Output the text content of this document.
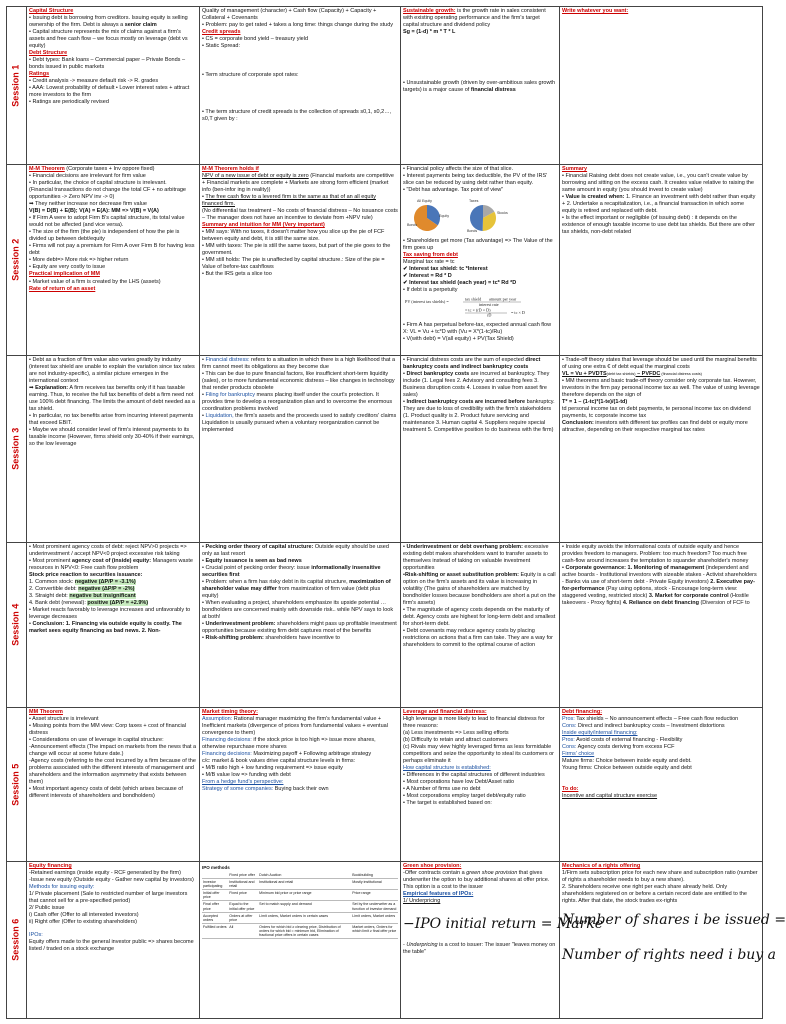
Session 1
Session 2
Session 3
Session 4
Session 5
Session 6
Capital Structure
• Issuing debt is borrowing from creditors. Issuing equity is selling ownership of the firm. Debt is always a senior claim
• Capital structure represents the mix of claims against a firm's assets and free cash flow – we focus mostly on leverage (debt vs equity)
Debt Structure
• Debt types: Bank loans – Commercial paper – Private Bonds – bonds issued in public markets
Ratings
• Credit analysis -> measure default risk -> R. grades
• AAA: Lowest probability of default • Lower interest rates + attract more investors to the firm
• Ratings are periodically revised
Quality of management (character) + Cash flow (Capacity) + Capacity + Collateral + Covenants
• Problem: pay to get rated + takes a long time: things change during the study
Credit spreads
• CS = corporate bond yield – treasury yield
• Static Spread:
• Term structure of corporate spot rates:
• The term structure of credit spreads is the collection of spreads s0,1, s0,2…, s0,T given by :
Sustainable growth: is the growth rate in sales consistent with existing operating performance and the firm's target capital structure and dividend policy
Sg = (1-d) * m * T * L
• Unsustainable growth (driven by over-ambitious sales growth targets) is a major cause of financial distress
Write whatever you want:
M-M Theorem (Corporate taxes + Inv oppore fixed)
• Financial decisions are irrelevant for firm value
• In particular, the choice of capital structure is irrelevant.
(Financial transactions do not change the total CF + no arbitrage opportunities -> Zero NPV inv -> 0)
➡ They neither increase nor decrease firm value
V(B) = D(B) + E(B); V(A) = E(A): MM => V(B) = V(A)
• If Firm A were to adopt Firm B's capital structure, its total value would not be affected (and vice versa).
• The size of the firm (the pie) is independent of how the pie is divided up between debt/equity
• Firms will not pay a premium for Firm A over Firm B for having less debt
• More debt=> More risk => higher return
• Equity are very costly to issue
Practical implication of MM
• Market value of a firm is created by the LHS (assets)
Rate of return of an asset
M-M Theorem holds if
NPV of a new issue of debt or equity is zero (Financial markets are competitive + Financial markets are complete + Markets are strong form efficient (market info (ben-infor ing in reality))
• The free cash flow to a levered firm is the same as that of an all equity financed firm.
(No differential tax treatment – No costs of financial distress – No issuance costs – The manager does not have an incentive to deviate from +NPV rule)
Summary and intuition for MM (Very important)
• MM says: With no taxes, it doesn't matter how you slice up the pie of FCF between equity and debt, it is still the same size.
• MM with taxes: The pie is still the same taxes, but part of the pie goes to the government.
• MM still holds: The pie is unaffected by capital structure.: Size of the pie = Value of before-tax cashflows
• But the IRS gets a slice too
• Financial policy affects the size of that slice.
• Interest payments being tax deductible, the PV of the IRS' slice can be reduced by using debt rather than equity.
• "Debt has advantage. Tax point of view"
All Equity
Equity
Bonds
Taxes
Stocks
Bonds
• Shareholders get more (Tax advantage) => The Value of the firm goes up
Tax saving from debt
Marginal tax rate = tc
✔ Interest tax shield: tc *Interest
✔ Interest = Rd * D
✔ Interest tax shield (each year) = tc* Rd *D
• If debt is a perpetuity
PV (interest tax shields) =	tax shield amount per year
interest rate
= tc × (rD × D)
rD	= tc × D
• Firm A has perpetual before-tax, expected annual cash flow X: VL = Vu + tc*D with (Vu = X*(1-tc)/Ru)
• V(with debt) = V(all equity) + PV(Tax Shield)
Summary
• Financial Raising debt does not create value, i.e., you can't create value by borrowing and sitting on the excess cash. It creates value relative to raising the same amount in equity (you should invest to create value)
• Value is created when: 1. Finance an investment with debt rather than equity + 2. Undertake a recapitalization, i.e., a financial transaction in which some equity is retired and replaced with debt.
• Is the effect important or negligible (of issuing debt) : it depends on the existence of enough taxable income to use debt tax shields. But there are other tax shields, non-debt related
• Debt as a fraction of firm value also varies greatly by industry (interest tax shield are unable to explain the variation since tax rates are not industry-specific), a similar picture emerges in the international context
➡ Explanation: A firm receives tax benefits only if it has taxable earning. Thus, to receive the full tax benefits of debt a firm need not use 100% debt financing. The limits the amount of debt needed as a tax shield.
• In particular, no tax benefits arise from incurring interest payments that exceed EBIT.
• Maybe we should consider level of firm's interest payments to its taxable income (However, firms shield only 30-40% if their earnings, so the low leverage
• Financial distress: refers to a situation in which there is a high likelihood that a firm cannot meet its obligations as they become due
• This can be due to pure financial factors, like insufficient short-term liquidity (sales), or to more fundamental economic distress – like changes in technology that render products obsolete
• Filing for bankruptcy means placing itself under the court's protection. It provides time to develop a reorganization plan and to overcome the enormous coordination problems involved
• Liquidation, the firm's assets and the proceeds used to satisfy creditors' claims Liquidation is usually pursued when a voluntary reorganization cannot be implemented
• Financial distress costs are the sum of expected direct bankruptcy costs and indirect bankruptcy costs
• Direct bankruptcy costs are incurred at bankruptcy. They include (1. Legal fees 2. Advisory and consulting fees 3. Business disruption costs 4. Losses in value from asset fire sales)
• Indirect bankruptcy costs are incurred before bankruptcy. They are due to loss of credibility with the firm's stakeholders (1. Product quality is 2. Product future servicing and maintenance 3. Human capital 4. Suppliers require special treatment 5. Competitive position to do business with the firm)
• Trade-off theory states that leverage should be used until the marginal benefits of using one extra € of debt equal the marginal costs
VL = Vu + PVDTS(debt tax shields) – PVFDC (financial distress costs)
• MM theorems and basic trade-off theory consider only corporate tax. However, investors in the firm pay personal income tax as well. The value of using leverage therefore depends on the sign of
T* = 1 – (1-tc)*(1-te)/(1-td)
td personal income tax on debt payments, te personal income tax on dividend payments, tc corporate income tax
Conclusion: investors with different tax profiles can find debt or equity more attractive, depending on their respective marginal tax rates
• Most prominent agency costs of debt: reject NPV>0 projects => underinvestment / accept NPV<0 project excessive risk taking
• Most prominent agency cost of (inside) equity: Managers waste resources in NPV<0: Free cash flow problem
Stock price reaction to securities issuance:
1. Common stock: negative (ΔP/P = -3.1%)
2. Convertible debt: negative (ΔP/P = -2%)
3. Straight debt: negative but insignificant
4. Bank debt (renewal): positive (ΔP/P = +2.9%)
• Market reacts favorably to leverage increases and unfavorably to leverage decreases
• Conclusion: 1. Financing via outside equity is costly. The market sees equity financing as bad news. 2. Non-
• Pecking order theory of capital structure: Outside equity should be used only as last resort
• Equity issuance is seen as bad news
• Crucial point of pecking order theory: issue informationally insensitive securities first
• Problem: when a firm has risky debt in its capital structure, maximization of shareholder value may differ from maximization of firm value (debt plus equity)
• When evaluating a project, shareholders emphasize its upside potential … bondholders are concerned mainly with downside risk.. while NPV says to look at both!
• Underinvestment problem: shareholders might pass up profitable investment opportunities because existing firm debt captures most of the benefits
• Risk-shifting problem: shareholders have incentive to
• Underinvestment or debt overhang problem: excessive existing debt makes shareholders want to transfer assets to themselves instead of taking on valuable investment opportunities
•Risk-shifting or asset substitution problem: Equity is a call option on the firm's assets and its value is increasing in volatility (The gains of shareholders are matched by bondholder losses because bondholders are short a put on the firm's assets)
• The magnitude of agency costs depends on the maturity of debt. Agency costs are highest for long-term debt and smallest for short-term debt.
• Debt covenants may reduce agency costs by placing restrictions on actions that a firm can take. They are a way for shareholders to commit to the optimal course of action
• Inside equity avoids the informational costs of outside equity and hence provides freedom to managers. Problem: too much freedom? Too much free cash-flow around increases the temptation to squander shareholder's money
• Corporate governance: 1. Monitoring of management (independent and active boards - Institutional investors with sizeable stakes - Activist shareholders - Banks via use of short-term debt - Private Equity investors) 2. Executive pay-for-performance (Pay using options, stock - Encourage long-term view: staggered vesting, restricted stock) 3. Market for corporate control (Hostile takeovers - Proxy fights) 4. Reliance on debt financing (Diversion of FCF to
MM Theorem
• Asset structure is irrelevant
• Missing points from the MM view: Corp taxes + cost of financial distress
• Considerations on use of leverage in capital structure:
-Announcement effects (The impact on markets from the news that a change will occur at some future date.)
-Agency costs (referring to the cost incurred by a firm because of the problems associated with the different interests of management and shareholders and the information asymmetry that exists between them)
• Most important agency costs of debt (which arises because of different interests of shareholders and bondholders)
Market timing theory:
Assumption: Rational manager maximizing the firm's fundamental value + Inefficient markets (divergence of prices from fundamental values + eventual convergence to them)
Financing decisions: if the stock price is too high => issue more shares, otherwise repurchase more shares
Financing decisions: Maximizing payoff + Following arbitrage strategy
c/c: market & book values drive capital structure levels in firms:
• M/B ratio high + low funding requirement => issue equity
• M/B value low => funding with debt
From a hedge fund's perspective:
Strategy of some companies: Buying back their own
Leverage and financial distress:
High leverage is more likely to lead to financial distress for three reasons:
(a) Less investments => Less selling efforts
(b) Difficulty to retain and attract customers
(c) Rivals may view highly leveraged firms as less formidable competitors and seize the opportunity to steal its customers or perhaps eliminate it
How capital structure is established:
• Differences in the capital structures of different industries
• Most corporations have low Debt/Asset ratio
• A Number of firms use no debt
• Most corporations employ target debt/equity ratio
• The target is established based on:
Debt financing:
Pros: Tax shields – No announcement effects – Free cash flow reduction
Cons: Direct and indirect bankruptcy costs – Investment distortions
Inside equity/internal financing:
Pros: Avoid costs of external financing - Flexibility
Cons: Agency costs deriving from excess FCF
Firms' choice
Mature firms: Choice between inside equity and debt.
Young firms: Choice between outside equity and debt
To do:
Incentive and capital structure exercise
Equity financing
-Retained earnings (inside equity - RCF generated by the firm)
-Issue new equity (Outside equity - Gather new capital by investors)
Methods for issuing equity:
1/ Private placement (Sale to restricted number of large investors that cannot sell for a pre-specified period)
2/ Public issue
i) Cash offer (Offer to all interested investors)
ii) Right offer (Offer to existing shareholders)
IPOs:
Equity offers made to the general investor public => shares become listed / traded on a stock exchange
IPO methods
	Fixed price offer	Dutch Auction	Bookbuilding
Investor participating	Institutional and retail	Institutional and retail	Mostly institutional
Initial offer price	Fixed price	Minimum bid price or price range	Price range
Final offer price	Equal to the initial offer price	Set to match supply and demand	Set by the underwriter as a function of investor demand
Accepted orders	Orders at offer price	Limit orders, Market orders in certain cases	Limit orders, Market orders
Fulfilled orders	All	Orders for which bid ≥ clearing price, Distribution of orders for which bid = minimum bid, Elimination of fractional price offers in certain cases	Market orders, Orders for which limit ≥ final offer price
Green shoe provision:
-Offer contracts contain a green shoe provision that gives underwriter the option to buy additional shares at offer price. This option is a cost to the issuer
Empirical features of IPOs:
1/ Underpricing
−IPO initial return = Marke
- Underpricing is a cost to issuer: The issuer "leaves money on the table"
Mechanics of a rights offering
1/Firm sets subscription price for each new share and subscription ratio (number of rights a shareholder needs to buy a new share).
2. Shareholders receive one right per each share already held. Only shareholders registered on or before a certain record date are entitled to the rights. After that date, the stock trades ex-rights
Number of shares i be issued =
Number of rights need i buy a
